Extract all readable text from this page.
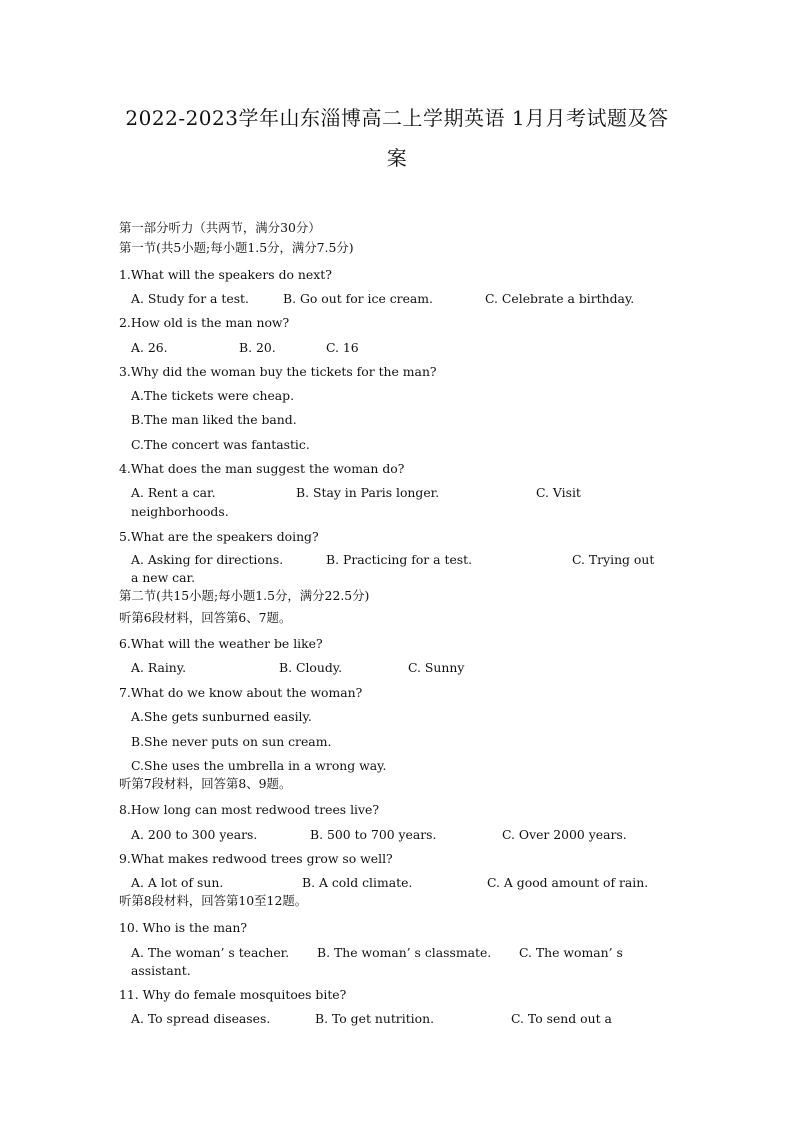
2022-2023学年山东淄博高二上学期英语 1月月考试题及答
案
第一部分听力（共两节，满分30分）
第一节(共5小题;每小题1.5分，满分7.5分)
1.What will the speakers do next?
A. Study for a test.	B. Go out for ice cream.	C. Celebrate a birthday.
2.How old is the man now?
A. 26.	B. 20.	C. 16
3.Why did the woman buy the tickets for the man?
A.The tickets were cheap.
B.The man liked the band.
C.The concert was fantastic.
4.What does the man suggest the woman do?
A. Rent a car.	B. Stay in Paris longer.	C. Visit
neighborhoods.
5.What are the speakers doing?
A. Asking for directions.	B. Practicing for a test.	C. Trying out
a new car.
第二节(共15小题;每小题1.5分，满分22.5分)
听第6段材料，回答第6、7题。
6.What will the weather be like?
A. Rainy.	B. Cloudy.	C. Sunny
7.What do we know about the woman?
A.She gets sunburned easily.
B.She never puts on sun cream.
C.She uses the umbrella in a wrong way.
听第7段材料，回答第8、9题。
8.How long can most redwood trees live?
A. 200 to 300 years.	B. 500 to 700 years.	C. Over 2000 years.
9.What makes redwood trees grow so well?
A. A lot of sun.	B. A cold climate.	C. A good amount of rain.
听第8段材料，回答第10至12题。
10. Who is the man?
A. The woman’ s teacher. B. The woman’ s classmate. C. The woman’ s
assistant.
11. Why do female mosquitoes bite?
A. To spread diseases.	B. To get nutrition.	C. To send out a
